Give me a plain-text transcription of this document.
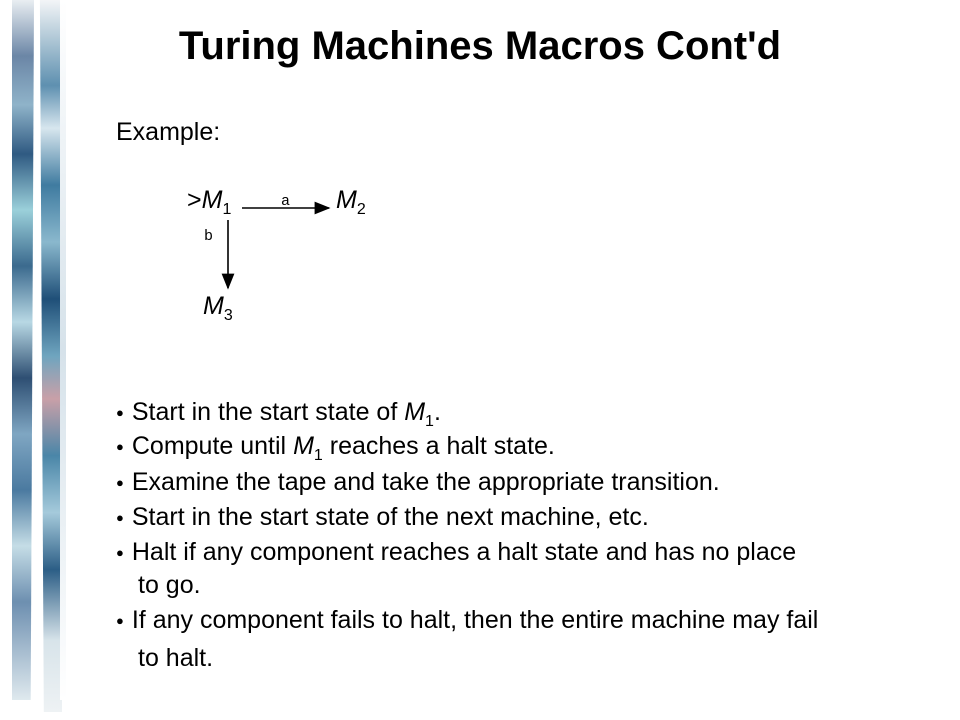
Turing Machines Macros Cont'd
Example:
$>M_1$	$M_2$
$M_3$
a
b
● Start in the start state of $M_1$.
● Compute until $M_1$ reaches a halt state.
● Examine the tape and take the appropriate transition.
● Start in the start state of the next machine, etc.
● Halt if any component reaches a halt state and has no place
to go.
● If any component fails to halt, then the entire machine may fail
to halt.
